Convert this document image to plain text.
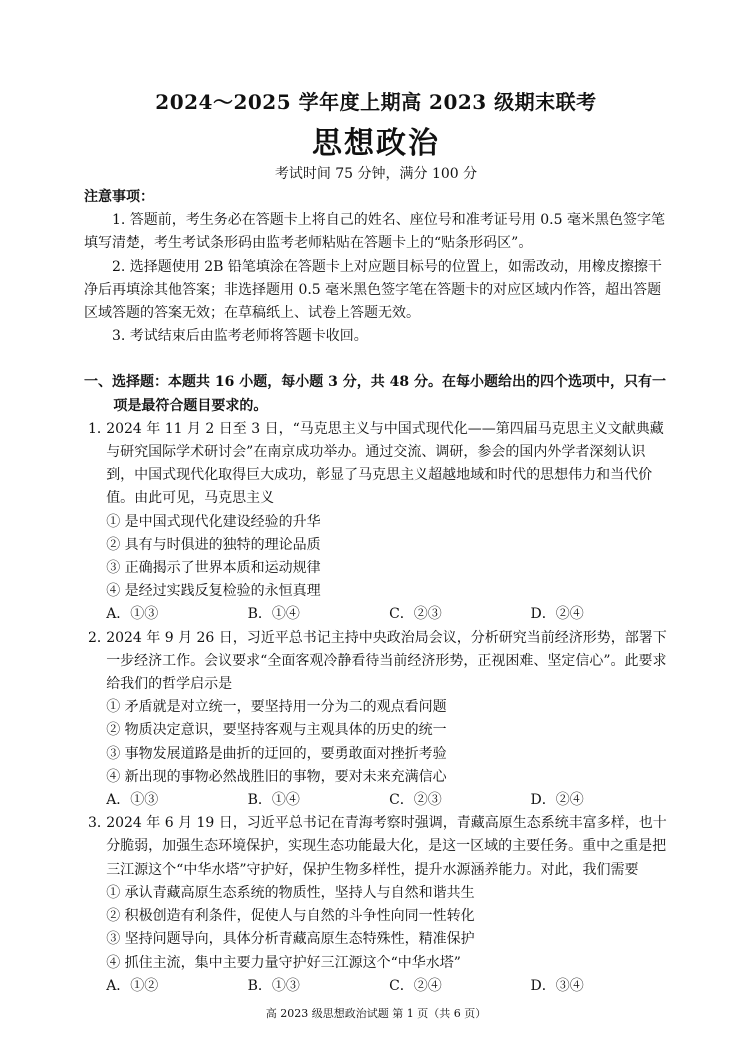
2024～2025 学年度上期高 2023 级期末联考
思想政治
考试时间 75 分钟，满分 100 分
注意事项：
1. 答题前，考生务必在答题卡上将自己的姓名、座位号和准考证号用 0.5 毫米黑色签字笔填写清楚，考生考试条形码由监考老师粘贴在答题卡上的“贴条形码区”。
2. 选择题使用 2B 铅笔填涂在答题卡上对应题目标号的位置上，如需改动，用橡皮擦擦干净后再填涂其他答案；非选择题用 0.5 毫米黑色签字笔在答题卡的对应区域内作答，超出答题区域答题的答案无效；在草稿纸上、试卷上答题无效。
3. 考试结束后由监考老师将答题卡收回。
一、选择题：本题共 16 小题，每小题 3 分，共 48 分。在每小题给出的四个选项中，只有一项是最符合题目要求的。
1．2024 年 11 月 2 日至 3 日，“马克思主义与中国式现代化——第四届马克思主义文献典藏与研究国际学术研讨会”在南京成功举办。通过交流、调研，参会的国内外学者深刻认识到，中国式现代化取得巨大成功，彰显了马克思主义超越地域和时代的思想伟力和当代价值。由此可见，马克思主义
① 是中国式现代化建设经验的升华
② 具有与时俱进的独特的理论品质
③ 正确揭示了世界本质和运动规律
④ 是经过实践反复检验的永恒真理
A．①③	B．①④	C．②③	D．②④
2．2024 年 9 月 26 日，习近平总书记主持中央政治局会议，分析研究当前经济形势，部署下一步经济工作。会议要求“全面客观冷静看待当前经济形势，正视困难、坚定信心”。此要求给我们的哲学启示是
① 矛盾就是对立统一，要坚持用一分为二的观点看问题
② 物质决定意识，要坚持客观与主观具体的历史的统一
③ 事物发展道路是曲折的迂回的，要勇敢面对挫折考验
④ 新出现的事物必然战胜旧的事物，要对未来充满信心
A．①③	B．①④	C．②③	D．②④
3．2024 年 6 月 19 日，习近平总书记在青海考察时强调，青藏高原生态系统丰富多样，也十分脆弱，加强生态环境保护，实现生态功能最大化，是这一区域的主要任务。重中之重是把三江源这个“中华水塔”守护好，保护生物多样性，提升水源涵养能力。对此，我们需要
① 承认青藏高原生态系统的物质性，坚持人与自然和谐共生
② 积极创造有利条件，促使人与自然的斗争性向同一性转化
③ 坚持问题导向，具体分析青藏高原生态特殊性，精准保护
④ 抓住主流，集中主要力量守护好三江源这个“中华水塔”
A．①②	B．①③	C．②④	D．③④
高 2023 级思想政治试题 第 1 页（共 6 页）
